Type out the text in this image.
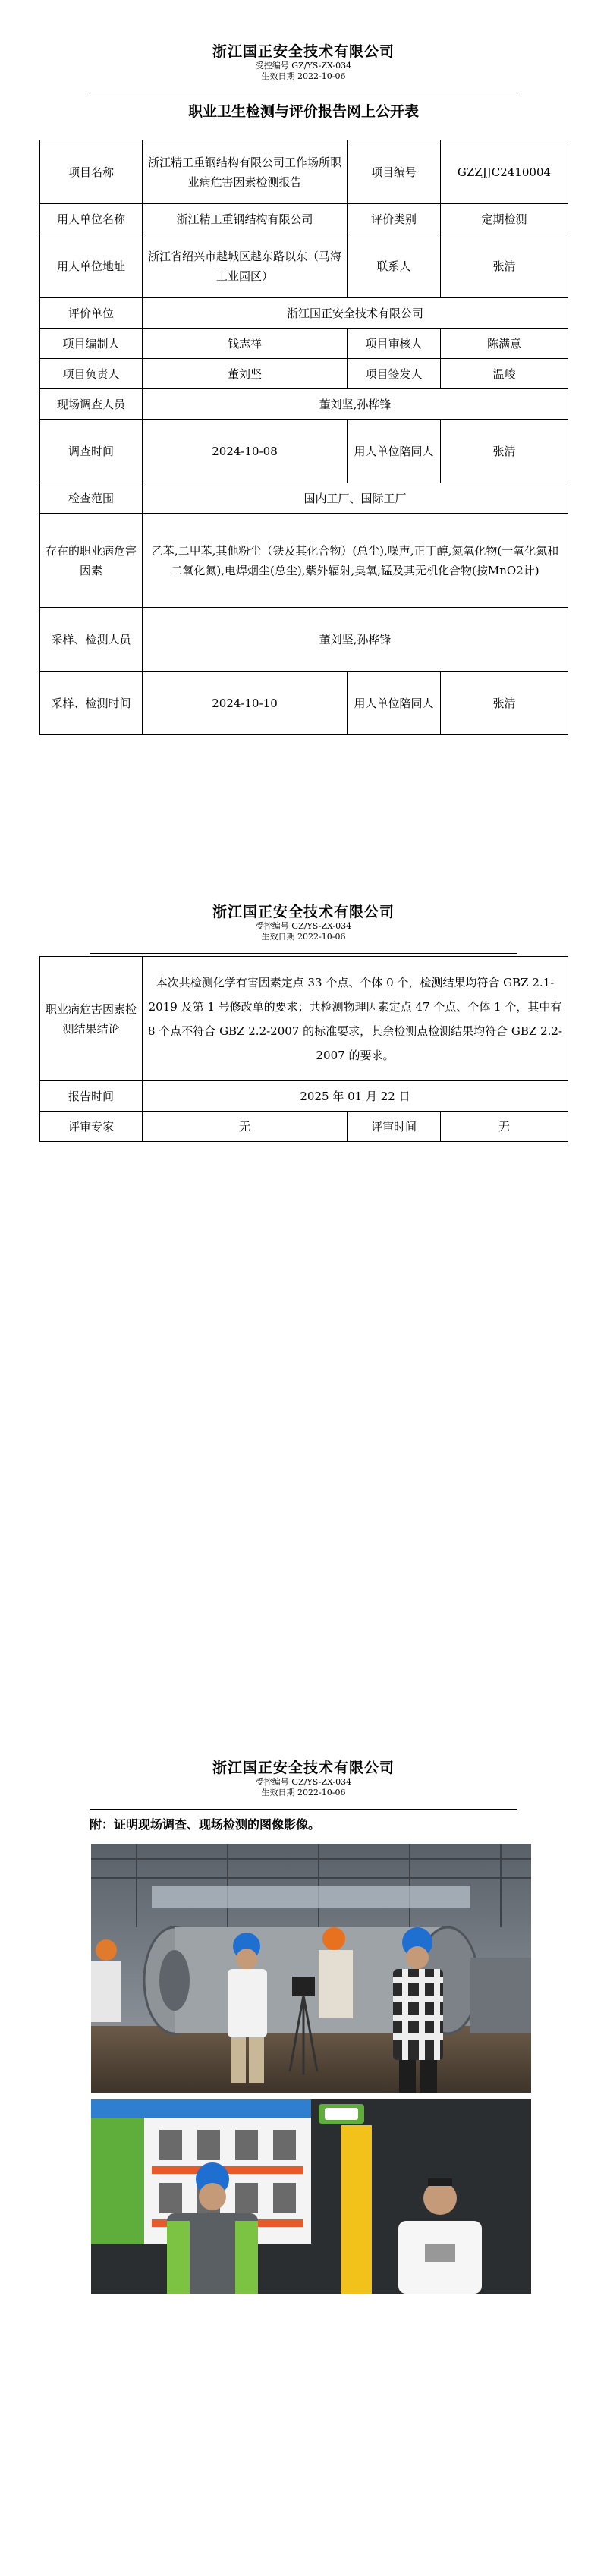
浙江国正安全技术有限公司
受控编号 GZ/YS-ZX-034
生效日期 2022-10-06
职业卫生检测与评价报告网上公开表
项目名称	浙江精工重钢结构有限公司工作场所职业病危害因素检测报告	项目编号	GZZJJC2410004
用人单位名称	浙江精工重钢结构有限公司	评价类别	定期检测
用人单位地址	浙江省绍兴市越城区越东路以东（马海工业园区）	联系人	张清
评价单位	浙江国正安全技术有限公司		
项目编制人	钱志祥	项目审核人	陈满意
项目负责人	董刘坚	项目签发人	温峻
现场调查人员	董刘坚,孙桦锋		
调查时间	2024-10-08	用人单位陪同人	张清
检查范围	国内工厂、国际工厂		
存在的职业病危害因素	乙苯,二甲苯,其他粉尘（铁及其化合物）(总尘),噪声,正丁醇,氮氧化物(一氧化氮和二氧化氮),电焊烟尘(总尘),紫外辐射,臭氧,锰及其无机化合物(按MnO2计)		
采样、检测人员	董刘坚,孙桦锋		
采样、检测时间	2024-10-10	用人单位陪同人	张清
浙江国正安全技术有限公司
受控编号 GZ/YS-ZX-034
生效日期 2022-10-06
职业病危害因素检测结果结论	本次共检测化学有害因素定点 33 个点、个体 0 个，检测结果均符合 GBZ 2.1-2019 及第 1 号修改单的要求；共检测物理因素定点 47 个点、个体 1 个，其中有 8 个点不符合 GBZ 2.2-2007 的标准要求，其余检测点检测结果均符合 GBZ 2.2-2007 的要求。		
报告时间	2025 年 01 月 22 日		
评审专家	无	评审时间	无
浙江国正安全技术有限公司
受控编号 GZ/YS-ZX-034
生效日期 2022-10-06
附：证明现场调查、现场检测的图像影像。
